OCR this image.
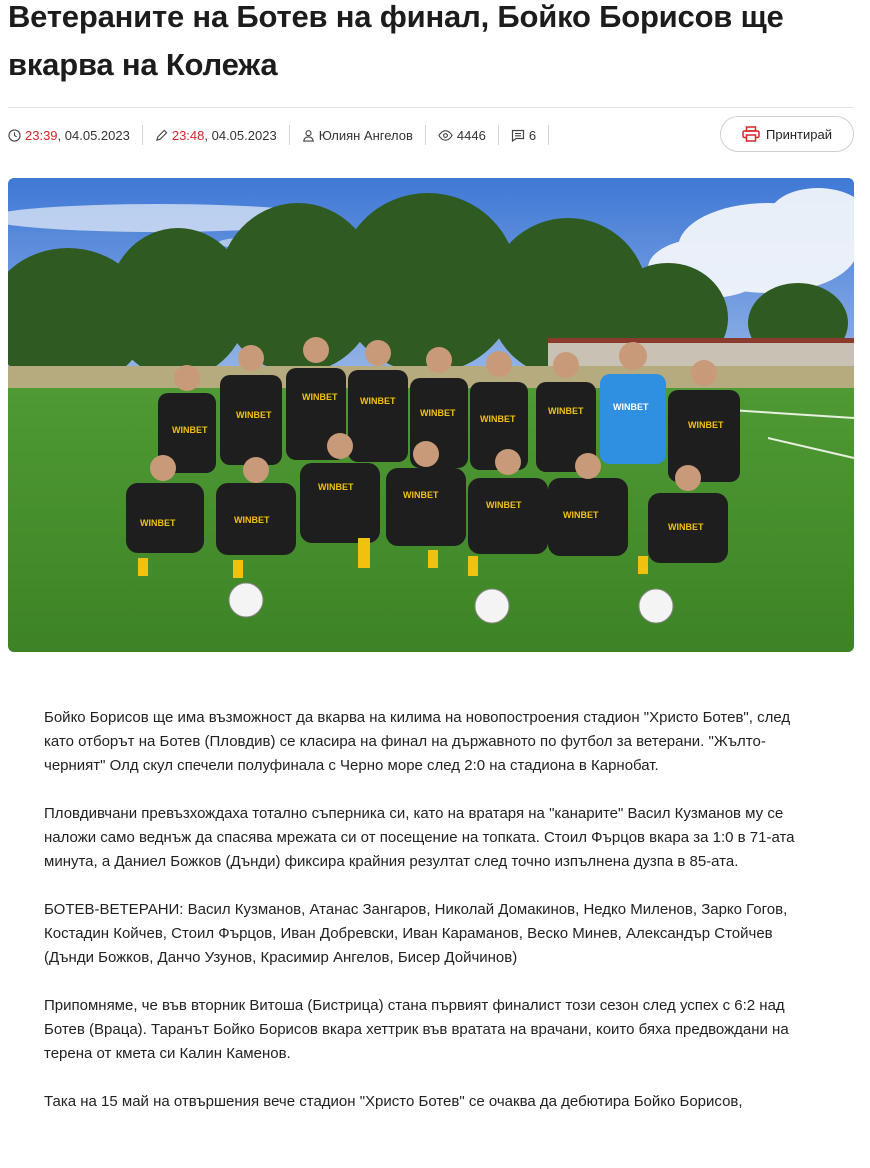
Ветераните на Ботев на финал, Бойко Борисов ще
вкарва на Колежа
23:39, 04.05.2023	23:48, 04.05.2023	Юлиян Ангелов	4446	6	Принтирай
WINBET
WINBET
WINBET	WINBET
WINBET
WINBET
WINBET
WINBET
WINBET	WINBET
WINBET
WINBET
WINBET
WINBET
WINBET
WINBET

Бойко Борисов ще има възможност да вкарва на килима на новопостроения стадион "Христо Ботев", след като отборът на Ботев (Пловдив) се класира на финал на държавното по футбол за ветерани. "Жълто-черният" Олд скул спечели полуфинала с Черно море след 2:0 на стадиона в Карнобат.

Пловдивчани превъзхождаха тотално съперника си, като на вратаря на "канарите" Васил Кузманов му се наложи само веднъж да спасява мрежата си от посещение на топката. Стоил Фърцов вкара за 1:0 в 71-ата минута, а Даниел Божков (Дънди) фиксира крайния резултат след точно изпълнена дузпа в 85-ата.

БОТЕВ-ВЕТЕРАНИ: Васил Кузманов, Атанас Зангаров, Николай Домакинов, Недко Миленов, Зарко Гогов, Костадин Койчев, Стоил Фърцов, Иван Добревски, Иван Караманов, Веско Минев, Александър Стойчев (Дънди Божков, Данчо Узунов, Красимир Ангелов, Бисер Дойчинов)

Припомняме, че във вторник Витоша (Бистрица) стана първият финалист този сезон след успех с 6:2 над Ботев (Враца). Таранът Бойко Борисов вкара хеттрик във вратата на врачани, които бяха предвождани на терена от кмета си Калин Каменов.

Така на 15 май на отвършения вече стадион "Христо Ботев" се очаква да дебютира Бойко Борисов,
